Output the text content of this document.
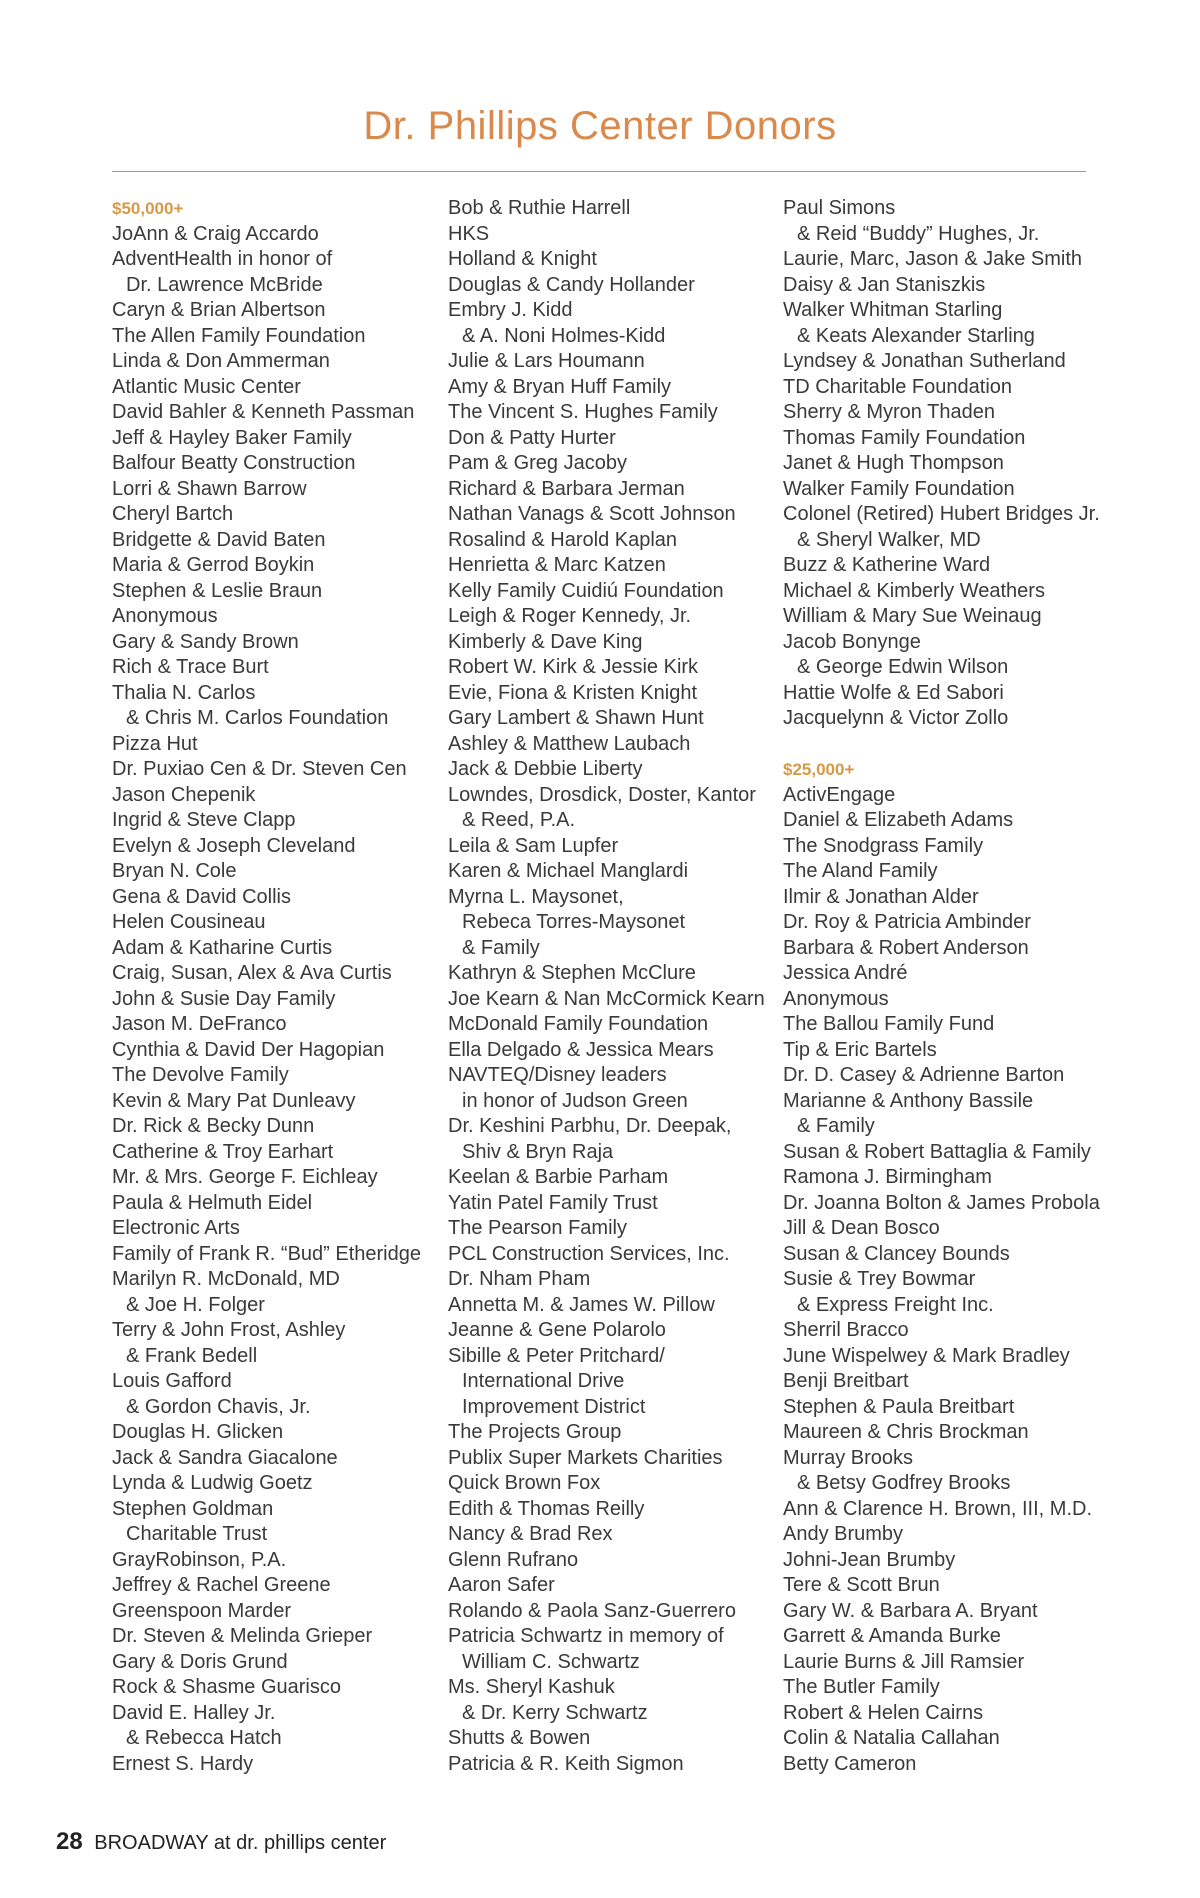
Dr. Phillips Center Donors
$50,000+
JoAnn & Craig Accardo
AdventHealth in honor of
Dr. Lawrence McBride
Caryn & Brian Albertson
The Allen Family Foundation
Linda & Don Ammerman
Atlantic Music Center
David Bahler & Kenneth Passman
Jeff & Hayley Baker Family
Balfour Beatty Construction
Lorri & Shawn Barrow
Cheryl Bartch
Bridgette & David Baten
Maria & Gerrod Boykin
Stephen & Leslie Braun
Anonymous
Gary & Sandy Brown
Rich & Trace Burt
Thalia N. Carlos
& Chris M. Carlos Foundation
Pizza Hut
Dr. Puxiao Cen & Dr. Steven Cen
Jason Chepenik
Ingrid & Steve Clapp
Evelyn & Joseph Cleveland
Bryan N. Cole
Gena & David Collis
Helen Cousineau
Adam & Katharine Curtis
Craig, Susan, Alex & Ava Curtis
John & Susie Day Family
Jason M. DeFranco
Cynthia & David Der Hagopian
The Devolve Family
Kevin & Mary Pat Dunleavy
Dr. Rick & Becky Dunn
Catherine & Troy Earhart
Mr. & Mrs. George F. Eichleay
Paula & Helmuth Eidel
Electronic Arts
Family of Frank R. “Bud” Etheridge
Marilyn R. McDonald, MD
& Joe H. Folger
Terry & John Frost, Ashley
& Frank Bedell
Louis Gafford
& Gordon Chavis, Jr.
Douglas H. Glicken
Jack & Sandra Giacalone
Lynda & Ludwig Goetz
Stephen Goldman
Charitable Trust
GrayRobinson, P.A.
Jeffrey & Rachel Greene
Greenspoon Marder
Dr. Steven & Melinda Grieper
Gary & Doris Grund
Rock & Shasme Guarisco
David E. Halley Jr.
& Rebecca Hatch
Ernest S. Hardy
Bob & Ruthie Harrell
HKS
Holland & Knight
Douglas & Candy Hollander
Embry J. Kidd
& A. Noni Holmes-Kidd
Julie & Lars Houmann
Amy & Bryan Huff Family
The Vincent S. Hughes Family
Don & Patty Hurter
Pam & Greg Jacoby
Richard & Barbara Jerman
Nathan Vanags & Scott Johnson
Rosalind & Harold Kaplan
Henrietta & Marc Katzen
Kelly Family Cuidiú Foundation
Leigh & Roger Kennedy, Jr.
Kimberly & Dave King
Robert W. Kirk & Jessie Kirk
Evie, Fiona & Kristen Knight
Gary Lambert & Shawn Hunt
Ashley & Matthew Laubach
Jack & Debbie Liberty
Lowndes, Drosdick, Doster, Kantor
& Reed, P.A.
Leila & Sam Lupfer
Karen & Michael Manglardi
Myrna L. Maysonet,
Rebeca Torres-Maysonet
& Family
Kathryn & Stephen McClure
Joe Kearn & Nan McCormick Kearn
McDonald Family Foundation
Ella Delgado & Jessica Mears
NAVTEQ/Disney leaders
in honor of Judson Green
Dr. Keshini Parbhu, Dr. Deepak,
Shiv & Bryn Raja
Keelan & Barbie Parham
Yatin Patel Family Trust
The Pearson Family
PCL Construction Services, Inc.
Dr. Nham Pham
Annetta M. & James W. Pillow
Jeanne & Gene Polarolo
Sibille & Peter Pritchard/
International Drive
Improvement District
The Projects Group
Publix Super Markets Charities
Quick Brown Fox
Edith & Thomas Reilly
Nancy & Brad Rex
Glenn Rufrano
Aaron Safer
Rolando & Paola Sanz-Guerrero
Patricia Schwartz in memory of
William C. Schwartz
Ms. Sheryl Kashuk
& Dr. Kerry Schwartz
Shutts & Bowen
Patricia & R. Keith Sigmon
Paul Simons
& Reid “Buddy” Hughes, Jr.
Laurie, Marc, Jason & Jake Smith
Daisy & Jan Staniszkis
Walker Whitman Starling
& Keats Alexander Starling
Lyndsey & Jonathan Sutherland
TD Charitable Foundation
Sherry & Myron Thaden
Thomas Family Foundation
Janet & Hugh Thompson
Walker Family Foundation
Colonel (Retired) Hubert Bridges Jr.
& Sheryl Walker, MD
Buzz & Katherine Ward
Michael & Kimberly Weathers
William & Mary Sue Weinaug
Jacob Bonynge
& George Edwin Wilson
Hattie Wolfe & Ed Sabori
Jacquelynn & Victor Zollo
$25,000+
ActivEngage
Daniel & Elizabeth Adams
The Snodgrass Family
The Aland Family
Ilmir & Jonathan Alder
Dr. Roy & Patricia Ambinder
Barbara & Robert Anderson
Jessica André
Anonymous
The Ballou Family Fund
Tip & Eric Bartels
Dr. D. Casey & Adrienne Barton
Marianne & Anthony Bassile
& Family
Susan & Robert Battaglia & Family
Ramona J. Birmingham
Dr. Joanna Bolton & James Probola
Jill & Dean Bosco
Susan & Clancey Bounds
Susie & Trey Bowmar
& Express Freight Inc.
Sherril Bracco
June Wispelwey & Mark Bradley
Benji Breitbart
Stephen & Paula Breitbart
Maureen & Chris Brockman
Murray Brooks
& Betsy Godfrey Brooks
Ann & Clarence H. Brown, III, M.D.
Andy Brumby
Johni-Jean Brumby
Tere & Scott Brun
Gary W. & Barbara A. Bryant
Garrett & Amanda Burke
Laurie Burns & Jill Ramsier
The Butler Family
Robert & Helen Cairns
Colin & Natalia Callahan
Betty Cameron
28 BROADWAY at dr. phillips center
